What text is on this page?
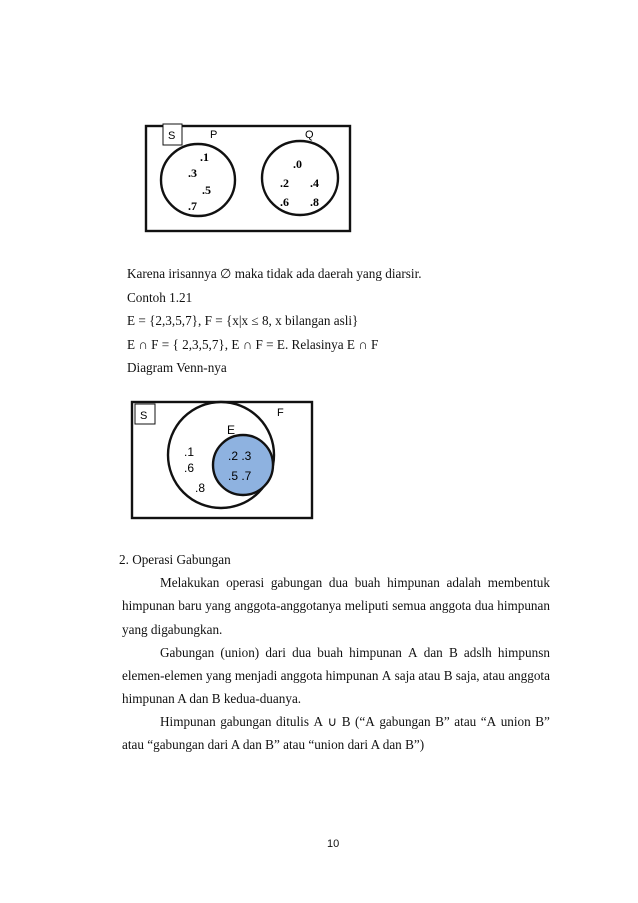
S	P	Q
.1
.3
.5
.7
.0
.2 .4
.6 .8
Karena irisannya ∅ maka tidak ada daerah yang diarsir.
Contoh 1.21
E = {2,3,5,7}, F = {x|x ≤ 8, x bilangan asli}
E ∩ F = { 2,3,5,7}, E ∩ F = E. Relasinya E ∩ F
Diagram Venn-nya
S	F
E
.1
.6
.8
.2 .3
.5 .7
2. Operasi Gabungan
Melakukan operasi gabungan dua buah himpunan adalah membentuk
himpunan baru yang anggota-anggotanya meliputi semua anggota dua himpunan
yang digabungkan.
Gabungan (union) dari dua buah himpunan A dan B adslh himpunsn
elemen-elemen yang menjadi anggota himpunan A saja atau B saja, atau anggota
himpunan A dan B kedua-duanya.
Himpunan gabungan ditulis A ∪ B (“A gabungan B” atau “A union B”
atau “gabungan dari A dan B” atau “union dari A dan B”)
10
